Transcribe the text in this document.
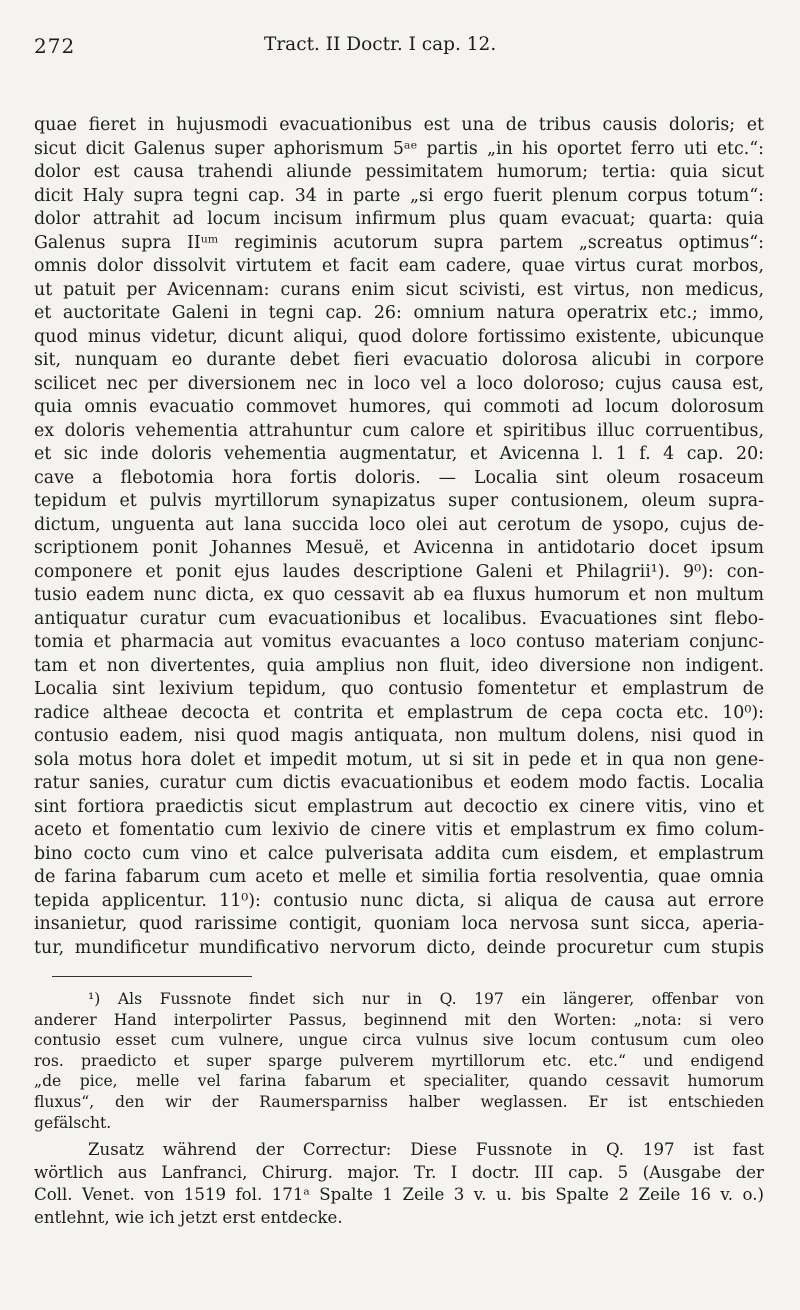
272	Tract. II Doctr. I cap. 12.
quae fieret in hujusmodi evacuationibus est una de tribus causis doloris; et
sicut dicit Galenus super aphorismum 5ᵃᵉ partis „in his oportet ferro uti etc.“:
dolor est causa trahendi aliunde pessimitatem humorum; tertia: quia sicut
dicit Haly supra tegni cap. 34 in parte „si ergo fuerit plenum corpus totum“:
dolor attrahit ad locum incisum infirmum plus quam evacuat; quarta: quia
Galenus supra IIᵘᵐ regiminis acutorum supra partem „screatus optimus“:
omnis dolor dissolvit virtutem et facit eam cadere, quae virtus curat morbos,
ut patuit per Avicennam: curans enim sicut scivisti, est virtus, non medicus,
et auctoritate Galeni in tegni cap. 26: omnium natura operatrix etc.; immo,
quod minus videtur, dicunt aliqui, quod dolore fortissimo existente, ubicunque
sit, nunquam eo durante debet fieri evacuatio dolorosa alicubi in corpore
scilicet nec per diversionem nec in loco vel a loco doloroso; cujus causa est,
quia omnis evacuatio commovet humores, qui commoti ad locum dolorosum
ex doloris vehementia attrahuntur cum calore et spiritibus illuc corruentibus,
et sic inde doloris vehementia augmentatur, et Avicenna l. 1 f. 4 cap. 20:
cave a flebotomia hora fortis doloris. — Localia sint oleum rosaceum
tepidum et pulvis myrtillorum synapizatus super contusionem, oleum supra-
dictum, unguenta aut lana succida loco olei aut cerotum de ysopo, cujus de-
scriptionem ponit Johannes Mesuë, et Avicenna in antidotario docet ipsum
componere et ponit ejus laudes descriptione Galeni et Philagrii¹). 9⁰): con-
tusio eadem nunc dicta, ex quo cessavit ab ea fluxus humorum et non multum
antiquatur curatur cum evacuationibus et localibus. Evacuationes sint flebo-
tomia et pharmacia aut vomitus evacuantes a loco contuso materiam conjunc-
tam et non divertentes, quia amplius non fluit, ideo diversione non indigent.
Localia sint lexivium tepidum, quo contusio fomentetur et emplastrum de
radice altheae decocta et contrita et emplastrum de cepa cocta etc. 10⁰):
contusio eadem, nisi quod magis antiquata, non multum dolens, nisi quod in
sola motus hora dolet et impedit motum, ut si sit in pede et in qua non gene-
ratur sanies, curatur cum dictis evacuationibus et eodem modo factis. Localia
sint fortiora praedictis sicut emplastrum aut decoctio ex cinere vitis, vino et
aceto et fomentatio cum lexivio de cinere vitis et emplastrum ex fimo colum-
bino cocto cum vino et calce pulverisata addita cum eisdem, et emplastrum
de farina fabarum cum aceto et melle et similia fortia resolventia, quae omnia
tepida applicentur. 11⁰): contusio nunc dicta, si aliqua de causa aut errore
insanietur, quod rarissime contigit, quoniam loca nervosa sunt sicca, aperia-
tur, mundificetur mundificativo nervorum dicto, deinde procuretur cum stupis
¹) Als Fussnote findet sich nur in Q. 197 ein längerer, offenbar von
anderer Hand interpolirter Passus, beginnend mit den Worten: „nota: si vero
contusio esset cum vulnere, ungue circa vulnus sive locum contusum cum oleo
ros. praedicto et super sparge pulverem myrtillorum etc. etc.“ und endigend
„de pice, melle vel farina fabarum et specialiter, quando cessavit humorum
fluxus“, den wir der Raumersparniss halber weglassen. Er ist entschieden
gefälscht.
Zusatz während der Correctur: Diese Fussnote in Q. 197 ist fast
wörtlich aus Lanfranci, Chirurg. major. Tr. I doctr. III cap. 5 (Ausgabe der
Coll. Venet. von 1519 fol. 171ᵃ Spalte 1 Zeile 3 v. u. bis Spalte 2 Zeile 16 v. o.)
entlehnt, wie ich jetzt erst entdecke.
